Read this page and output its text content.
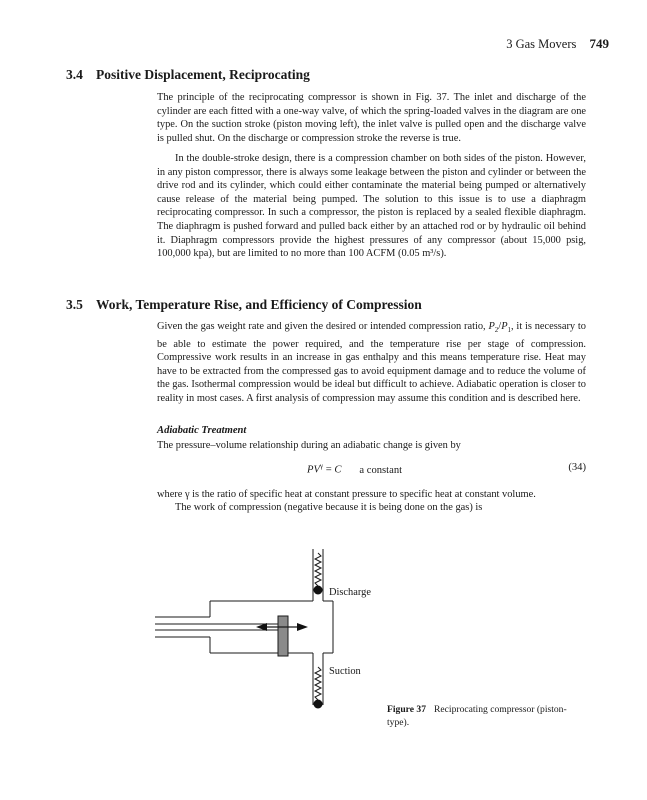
3 Gas Movers 749
3.4 Positive Displacement, Reciprocating

The principle of the reciprocating compressor is shown in Fig. 37. The inlet and discharge of the cylinder are each fitted with a one-way valve, of which the spring-loaded valves in the diagram are one type. On the suction stroke (piston moving left), the inlet valve is pulled open and the discharge valve is pulled shut. On the discharge or compression stroke the reverse is true.

In the double-stroke design, there is a compression chamber on both sides of the piston. However, in any piston compressor, there is always some leakage between the piston and cylinder or between the drive rod and its cylinder, which could either contaminate the material being pumped or alternatively cause release of the material being pumped. The solution to this issue is to use a diaphragm reciprocating compressor. In such a compressor, the piston is replaced by a sealed flexible diaphragm. The diaphragm is pushed forward and pulled back either by an attached rod or by hydraulic oil behind it. Diaphragm compressors provide the highest pressures of any compressor (about 15,000 psig, 100,000 kpa), but are limited to no more than 100 ACFM (0.05 m³/s).

3.5 Work, Temperature Rise, and Efficiency of Compression

Given the gas weight rate and given the desired or intended compression ratio, $P_2/P_1$, it is necessary to be able to estimate the power required, and the temperature rise per stage of compression. Compressive work results in an increase in gas enthalpy and this means temperature rise. Heat may have to be extracted from the compressed gas to avoid equipment damage and to reduce the volume of the gas. Isothermal compression would be ideal but difficult to achieve. Adiabatic operation is closer to reality in most cases. A first analysis of compression may assume this condition and is described here.

Adiabatic Treatment

The pressure–volume relationship during an adiabatic change is given by

$PV^\gamma = C$ a constant	(34)

where γ is the ratio of specific heat at constant pressure to specific heat at constant volume.

The work of compression (negative because it is being done on the gas) is

Discharge
Suction
Figure 37 Reciprocating compressor (piston-type).
